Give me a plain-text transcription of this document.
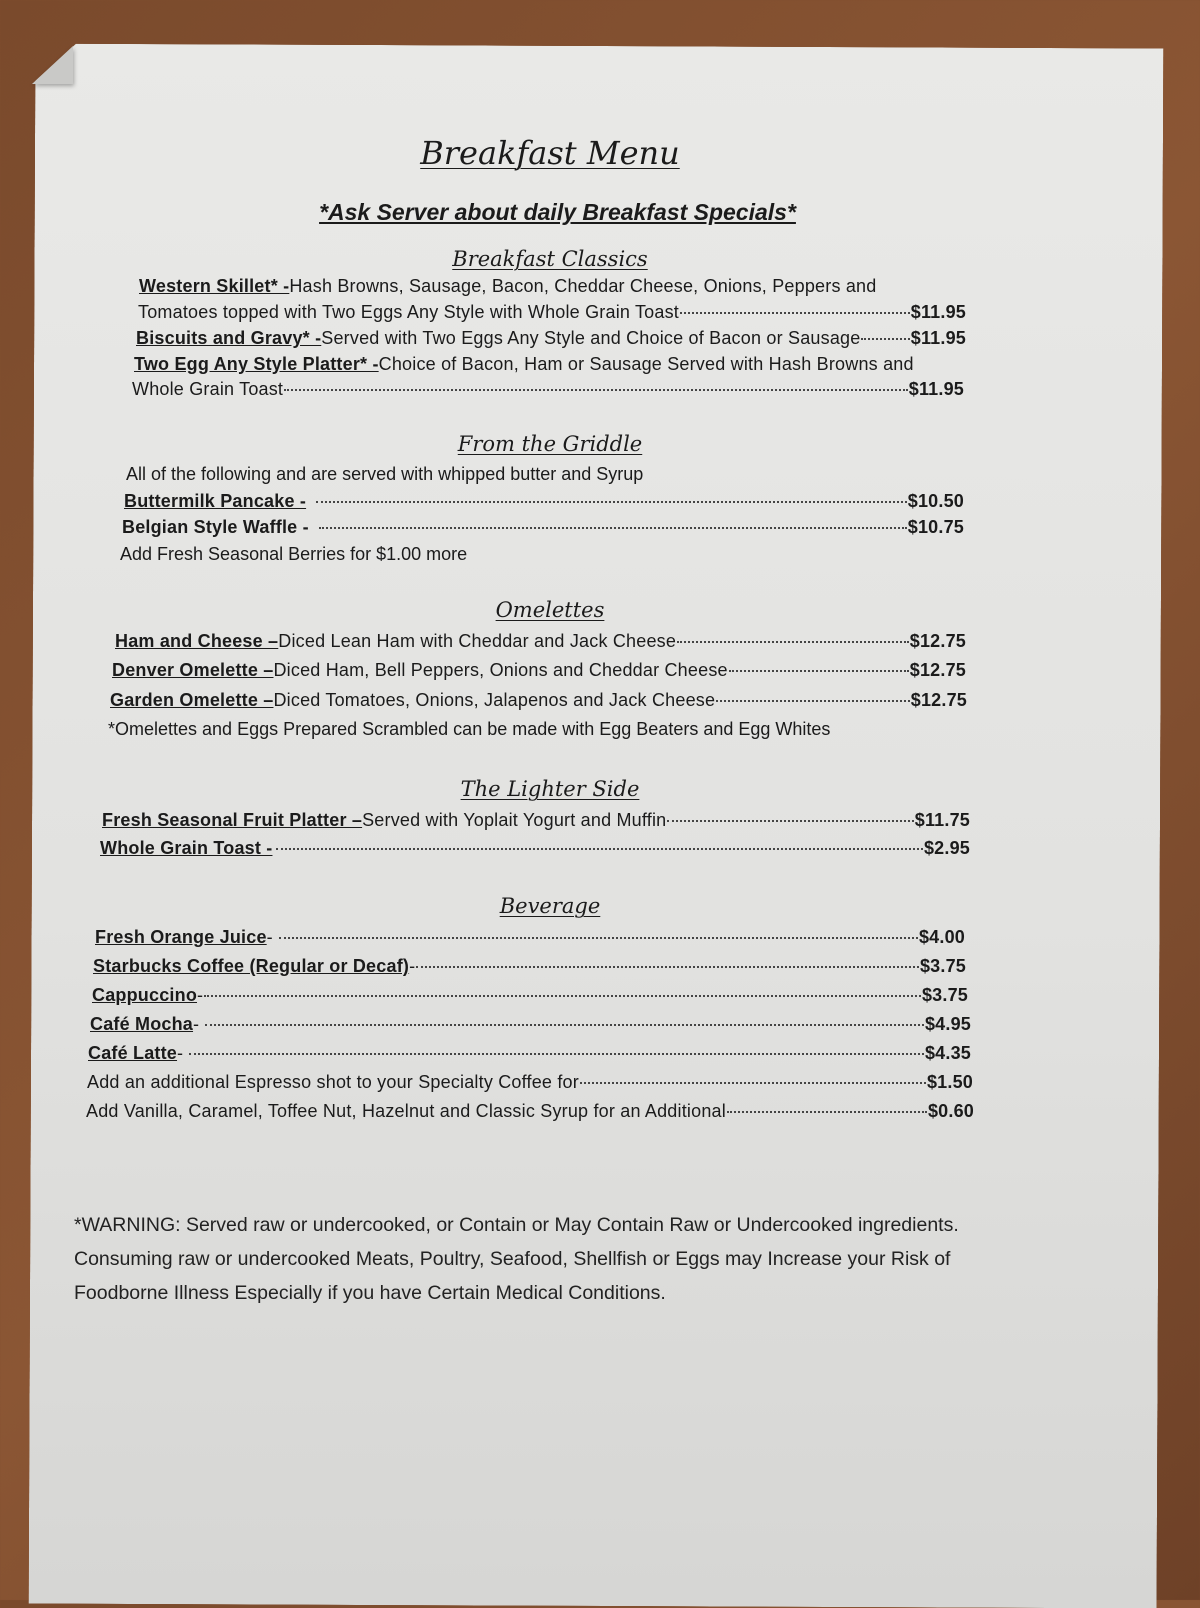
Breakfast Menu
*Ask Server about daily Breakfast Specials*
Breakfast Classics
Western Skillet* - Hash Browns, Sausage, Bacon, Cheddar Cheese, Onions, Peppers and
Tomatoes topped with Two Eggs Any Style with Whole Grain Toast	$11.95
Biscuits and Gravy* - Served with Two Eggs Any Style and Choice of Bacon or Sausage	$11.95
Two Egg Any Style Platter* - Choice of Bacon, Ham or Sausage Served with Hash Browns and
Whole Grain Toast	$11.95
From the Griddle
All of the following and are served with whipped butter and Syrup
Buttermilk Pancake -	$10.50
Belgian Style Waffle -	$10.75
Add Fresh Seasonal Berries for $1.00 more
Omelettes
Ham and Cheese – Diced Lean Ham with Cheddar and Jack Cheese	$12.75
Denver Omelette – Diced Ham, Bell Peppers, Onions and Cheddar Cheese	$12.75
Garden Omelette – Diced Tomatoes, Onions, Jalapenos and Jack Cheese	$12.75
*Omelettes and Eggs Prepared Scrambled can be made with Egg Beaters and Egg Whites
The Lighter Side
Fresh Seasonal Fruit Platter – Served with Yoplait Yogurt and Muffin	$11.75
Whole Grain Toast -	$2.95
Beverage
Fresh Orange Juice -	$4.00
Starbucks Coffee (Regular or Decaf) -	$3.75
Cappuccino -	$3.75
Café Mocha -	$4.95
Café Latte -	$4.35
Add an additional Espresso shot to your Specialty Coffee for	$1.50
Add Vanilla, Caramel, Toffee Nut, Hazelnut and Classic Syrup for an Additional	$0.60
*WARNING: Served raw or undercooked, or Contain or May Contain Raw or Undercooked ingredients. Consuming raw or undercooked Meats, Poultry, Seafood, Shellfish or Eggs may Increase your Risk of Foodborne Illness Especially if you have Certain Medical Conditions.
